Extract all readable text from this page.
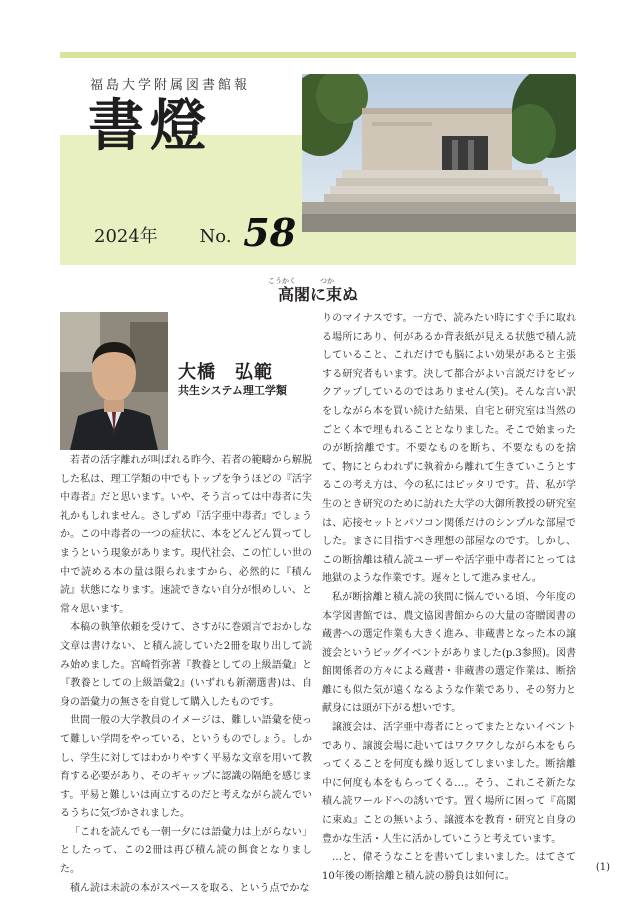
福島大学附属図書館報
書燈
2024年 No. 58
高閣に束ぬ
こうかく	つか
大橋　弘範
共生システム理工学類

若者の活字離れが叫ばれる昨今、若者の範疇から解脱した私は、理工学類の中でもトップを争うほどの『活字中毒者』だと思います。いや、そう言っては中毒者に失礼かもしれません。さしずめ『活字亜中毒者』でしょうか。この中毒者の一つの症状に、本をどんどん買ってしまうという現象があります。現代社会、この忙しい世の中で読める本の量は限られますから、必然的に『積ん読』状態になります。速読できない自分が恨めしい、と常々思います。

本稿の執筆依頼を受けて、さすがに巻頭言でおかしな文章は書けない、と積ん読していた2冊を取り出して読み始めました。宮崎哲弥著『教養としての上級語彙』と『教養としての上級語彙2』(いずれも新潮選書)は、自身の語彙力の無さを自覚して購入したものです。

世間一般の大学教員のイメージは、難しい語彙を使って難しい学問をやっている、というものでしょう。しかし、学生に対してはわかりやすく平易な文章を用いて教育する必要があり、そのギャップに認識の隔絶を感じます。平易と難しいは両立するのだと考えながら読んでいるうちに気づかされました。

「これを読んでも一朝一夕には語彙力は上がらない」としたって、この2冊は再び積ん読の餌食となりました。

積ん読は未読の本がスペースを取る、という点でかな

りのマイナスです。一方で、読みたい時にすぐ手に取れる場所にあり、何があるか背表紙が見える状態で積ん読していること、これだけでも脳によい効果があると主張する研究者もいます。決して都合がよい言説だけをピックアップしているのではありません(笑)。そんな言い訳をしながら本を買い続けた結果、自宅と研究室は当然のごとく本で埋もれることとなりました。そこで始まったのが断捨離です。不要なものを断ち、不要なものを捨て、物にとらわれずに執着から離れて生きていこうとするこの考え方は、今の私にはピッタリです。昔、私が学生のとき研究のために訪れた大学の大御所教授の研究室は、応接セットとパソコン関係だけのシンプルな部屋でした。まさに目指すべき理想の部屋なのです。しかし、この断捨離は積ん読ユーザーや活字亜中毒者にとっては地獄のような作業です。遅々として進みません。

私が断捨離と積ん読の狭間に悩んでいる頃、今年度の本学図書館では、農文協図書館からの大量の寄贈図書の蔵書への選定作業も大きく進み、非蔵書となった本の譲渡会というビッグイベントがありました(p.3参照)。図書館関係者の方々による蔵書・非蔵書の選定作業は、断捨離にも似た気が遠くなるような作業であり、その努力と献身には頭が下がる想いです。

譲渡会は、活字亜中毒者にとってまたとないイベントであり、譲渡会場に赴いてはワクワクしながら本をもらってくることを何度も繰り返してしまいました。断捨離中に何度も本をもらってくる…。そう、これこそ新たな積ん読ワールドへの誘いです。置く場所に困って『高閣に束ぬ』ことの無いよう、譲渡本を教育・研究と自身の豊かな生活・人生に活かしていこうと考えています。

…と、偉そうなことを書いてしまいました。はてさて10年後の断捨離と積ん読の勝負は如何に。

(1)
